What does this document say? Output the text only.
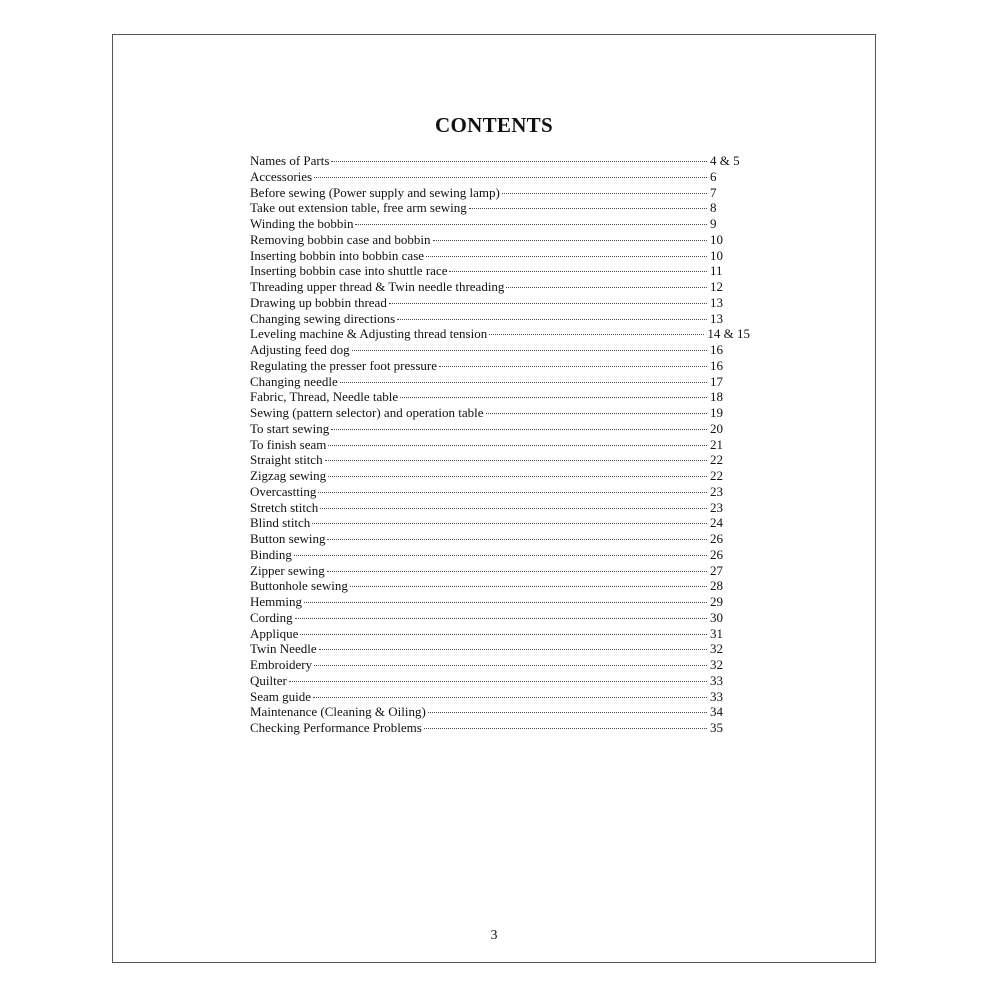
CONTENTS
Names of Parts	4 & 5
Accessories	6
Before sewing (Power supply and sewing lamp)	7
Take out extension table, free arm sewing	8
Winding the bobbin	9
Removing bobbin case and bobbin	10
Inserting bobbin into bobbin case	10
Inserting bobbin case into shuttle race	11
Threading upper thread & Twin needle threading	12
Drawing up bobbin thread	13
Changing sewing directions	13
Leveling machine & Adjusting thread tension	14 & 15
Adjusting feed dog	16
Regulating the presser foot pressure	16
Changing needle	17
Fabric, Thread, Needle table	18
Sewing (pattern selector) and operation table	19
To start sewing	20
To finish seam	21
Straight stitch	22
Zigzag sewing	22
Overcastting	23
Stretch stitch	23
Blind stitch	24
Button sewing	26
Binding	26
Zipper sewing	27
Buttonhole sewing	28
Hemming	29
Cording	30
Applique	31
Twin Needle	32
Embroidery	32
Quilter	33
Seam guide	33
Maintenance (Cleaning & Oiling)	34
Checking Performance Problems	35
3
